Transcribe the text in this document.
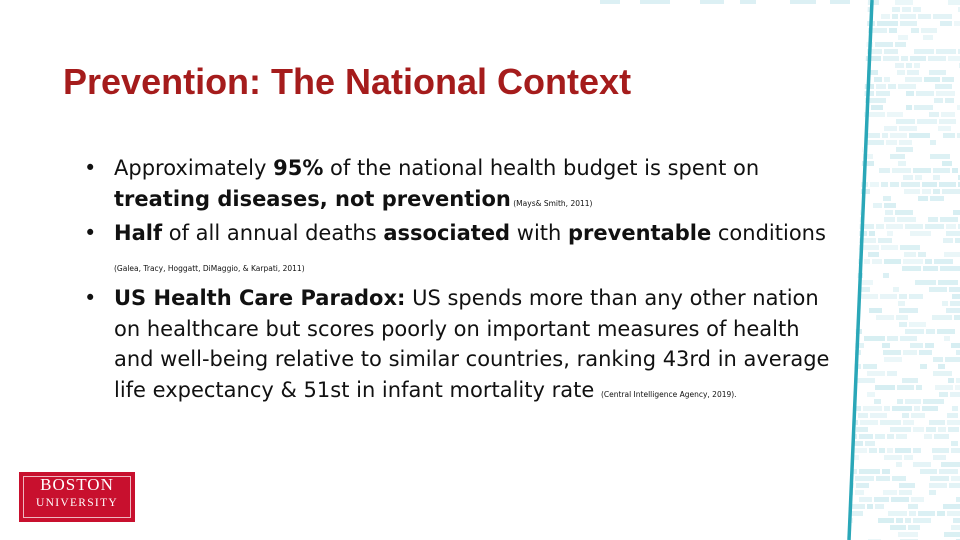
Prevention: The National Context
• Approximately 95% of the national health budget is spent on treating diseases, not prevention (Mays& Smith, 2011)
• Half of all annual deaths associated with preventable conditions (Galea, Tracy, Hoggatt, DiMaggio, & Karpati, 2011)
• US Health Care Paradox: US spends more than any other nation on healthcare but scores poorly on important measures of health and well-being relative to similar countries, ranking 43rd in average life expectancy & 51st in infant mortality rate (Central Intelligence Agency, 2019).
BOSTON
UNIVERSITY
